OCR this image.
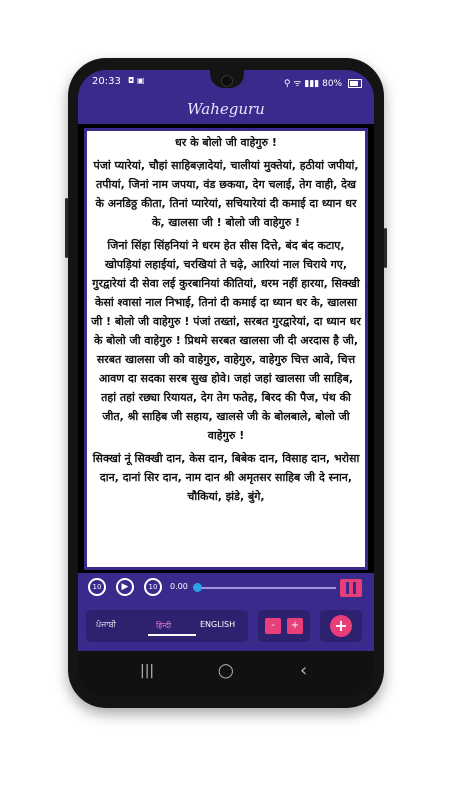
20:33 ◘ ▣	⚲ ᯤ ▮▮▮ 80%
Waheguru

धर के बोलो जी वाहेगुरु !

पंजां प्यारेयां, चौहां साहिबज़ादेयां, चालीयां मुक्तेयां, हठीयां जपीयां, तपीयां, जिनां नाम जपया, वंड छकया, देग चलाई, तेग वाही, देख के अनडिठ्ठ कीता, तिनां प्यारेयां, सचियारेयां दी कमाई दा ध्यान धर के, खालसा जी ! बोलो जी वाहेगुरु !

जिनां सिंहा सिंहनियां ने धरम हेत सीस दित्ते, बंद बंद कटाए, खोपड़ियां लहाईयां, चरखियां ते चढ़े, आरियां नाल चिराये गए, गुरद्वारेयां दी सेवा लई कुरबानियां कीतियां, धरम नहीं हारया, सिक्खी केसां श्वासां नाल निभाई, तिनां दी कमाई दा ध्यान धर के, खालसा जी ! बोलो जी वाहेगुरु ! पंजां तख्तां, सरबत गुरद्वारेयां, दा ध्यान धर के बोलो जी वाहेगुरु ! प्रिथमे सरबत खालसा जी दी अरदास है जी, सरबत खालसा जी को वाहेगुरु, वाहेगुरु, वाहेगुरु चित्त आवे, चित्त आवण दा सदका सरब सुख होवे। जहां जहां खालसा जी साहिब, तहां तहां रछ्या रियायत, देग तेग फतेह, बिरद की पैज, पंथ की जीत, श्री साहिब जी सहाय, खालसे जी के बोलबाले, बोलो जी वाहेगुरु !

सिक्खां नूं सिक्खी दान, केस दान, बिबेक दान, विसाह दान, भरोसा दान, दानां सिर दान, नाम दान श्री अमृतसर साहिब जी दे स्नान, चौकियां, झंडे, बुंगे,

10	▶	10	0.00
ਪੰਜਾਬੀ	हिन्दी	ENGLISH	-	+ +
|||	◯	‹
